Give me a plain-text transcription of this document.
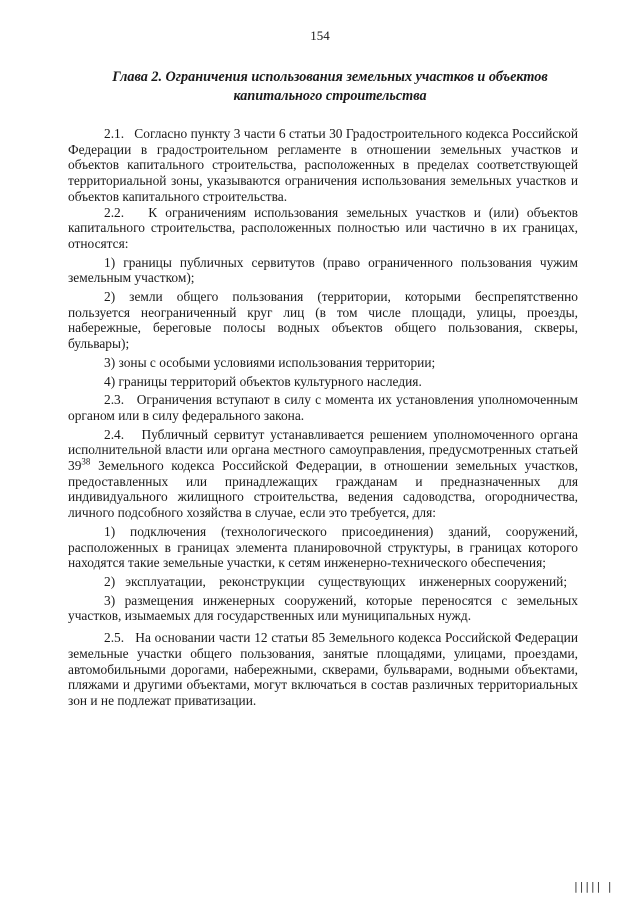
154
Глава 2. Ограничения использования земельных участков и объектов капитального строительства

2.1.   Согласно пункту 3 части 6 статьи 30 Градостроительного кодекса Российской Федерации в градостроительном регламенте в отношении земельных участков и объектов капитального строительства, расположенных в пределах соответствующей территориальной зоны, указываются ограничения использования земельных участков и объектов капитального строительства.

2.2.   К ограничениям использования земельных участков и (или) объектов капитального строительства, расположенных полностью или частично в их границах, относятся:

1) границы публичных сервитутов (право ограниченного пользования чужим земельным участком);

2) земли общего пользования (территории, которыми беспрепятственно пользуется неограниченный круг лиц (в том числе площади, улицы, проезды, набережные, береговые полосы водных объектов общего пользования, скверы, бульвары);

3) зоны с особыми условиями использования территории;

4) границы территорий объектов культурного наследия.

2.3.   Ограничения вступают в силу с момента их установления уполномоченным органом или в силу федерального закона.

2.4.   Публичный сервитут устанавливается решением уполномоченного органа исполнительной власти или органа местного самоуправления, предусмотренных статьей $39^{38}$ Земельного кодекса Российской Федерации, в отношении земельных участков, предоставленных или принадлежащих гражданам и предназначенных для индивидуального жилищного строительства, ведения садоводства, огородничества, личного подсобного хозяйства в случае, если это требуется, для:

1) подключения (технологического присоединения) зданий, сооружений, расположенных в границах элемента планировочной структуры, в границах которого находятся такие земельные участки, к сетям инженерно-технического обеспечения;

2)   эксплуатации,    реконструкции    существующих    инженерных сооружений;

3) размещения инженерных сооружений, которые переносятся с земельных участков, изымаемых для государственных или муниципальных нужд.

2.5.   На основании части 12 статьи 85 Земельного кодекса Российской Федерации земельные участки общего пользования, занятые площадями, улицами, проездами, автомобильными дорогами, набережными, скверами, бульварами, водными объектами, пляжами и другими объектами, могут включаться в состав различных территориальных зон и не подлежат приватизации.

||||| |
